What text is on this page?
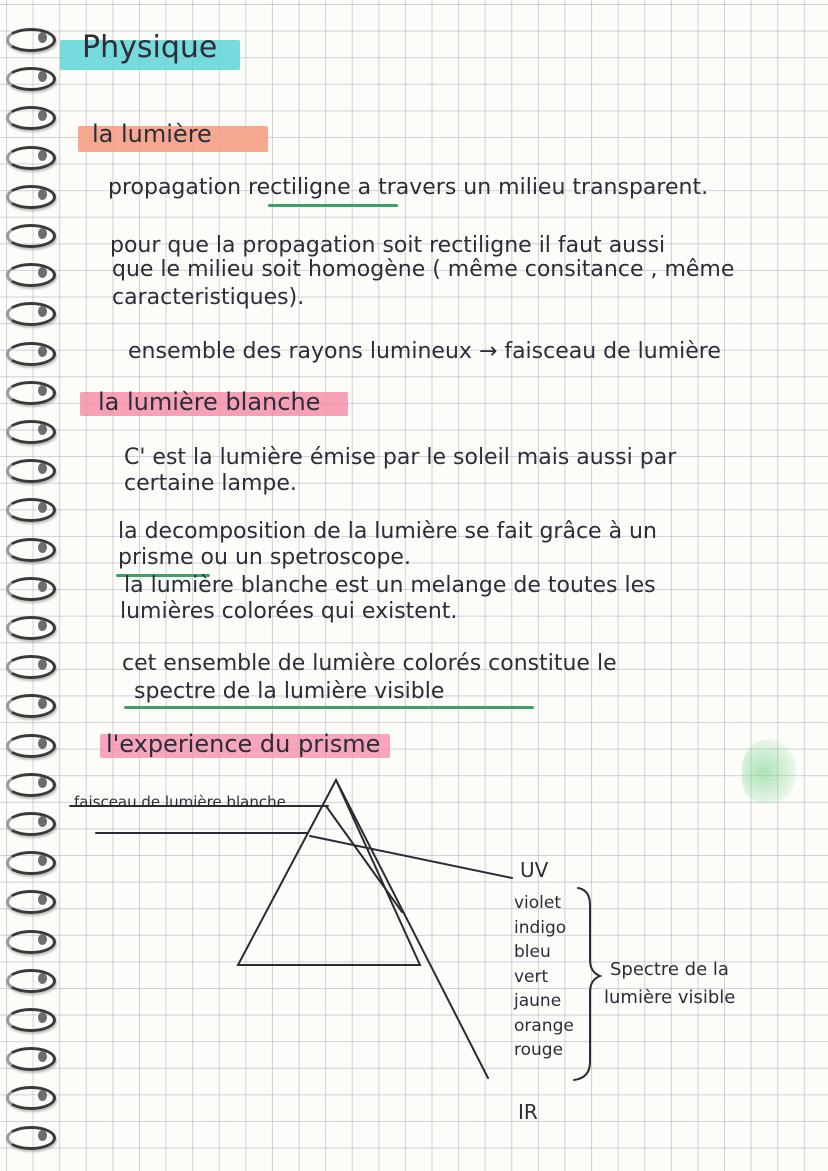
Physique
la lumière
propagation rectiligne a travers un milieu transparent.
pour que la propagation soit rectiligne il faut aussi
que le milieu soit homogène ( même consitance , même
caracteristiques).
ensemble des rayons lumineux → faisceau de lumière
la lumière blanche
C' est la lumière émise par le soleil mais aussi par
certaine lampe.
la decomposition de la lumière se fait grâce à un
prisme ou un spetroscope.
la lumière blanche est un melange de toutes les
lumières colorées qui existent.
cet ensemble de lumière colorés constitue le
spectre de la lumière visible
l'experience du prisme
faisceau de lumière blanche
UV
violet
indigo
bleu
vert
jaune
orange
rouge
IR
Spectre de la
lumière visible
